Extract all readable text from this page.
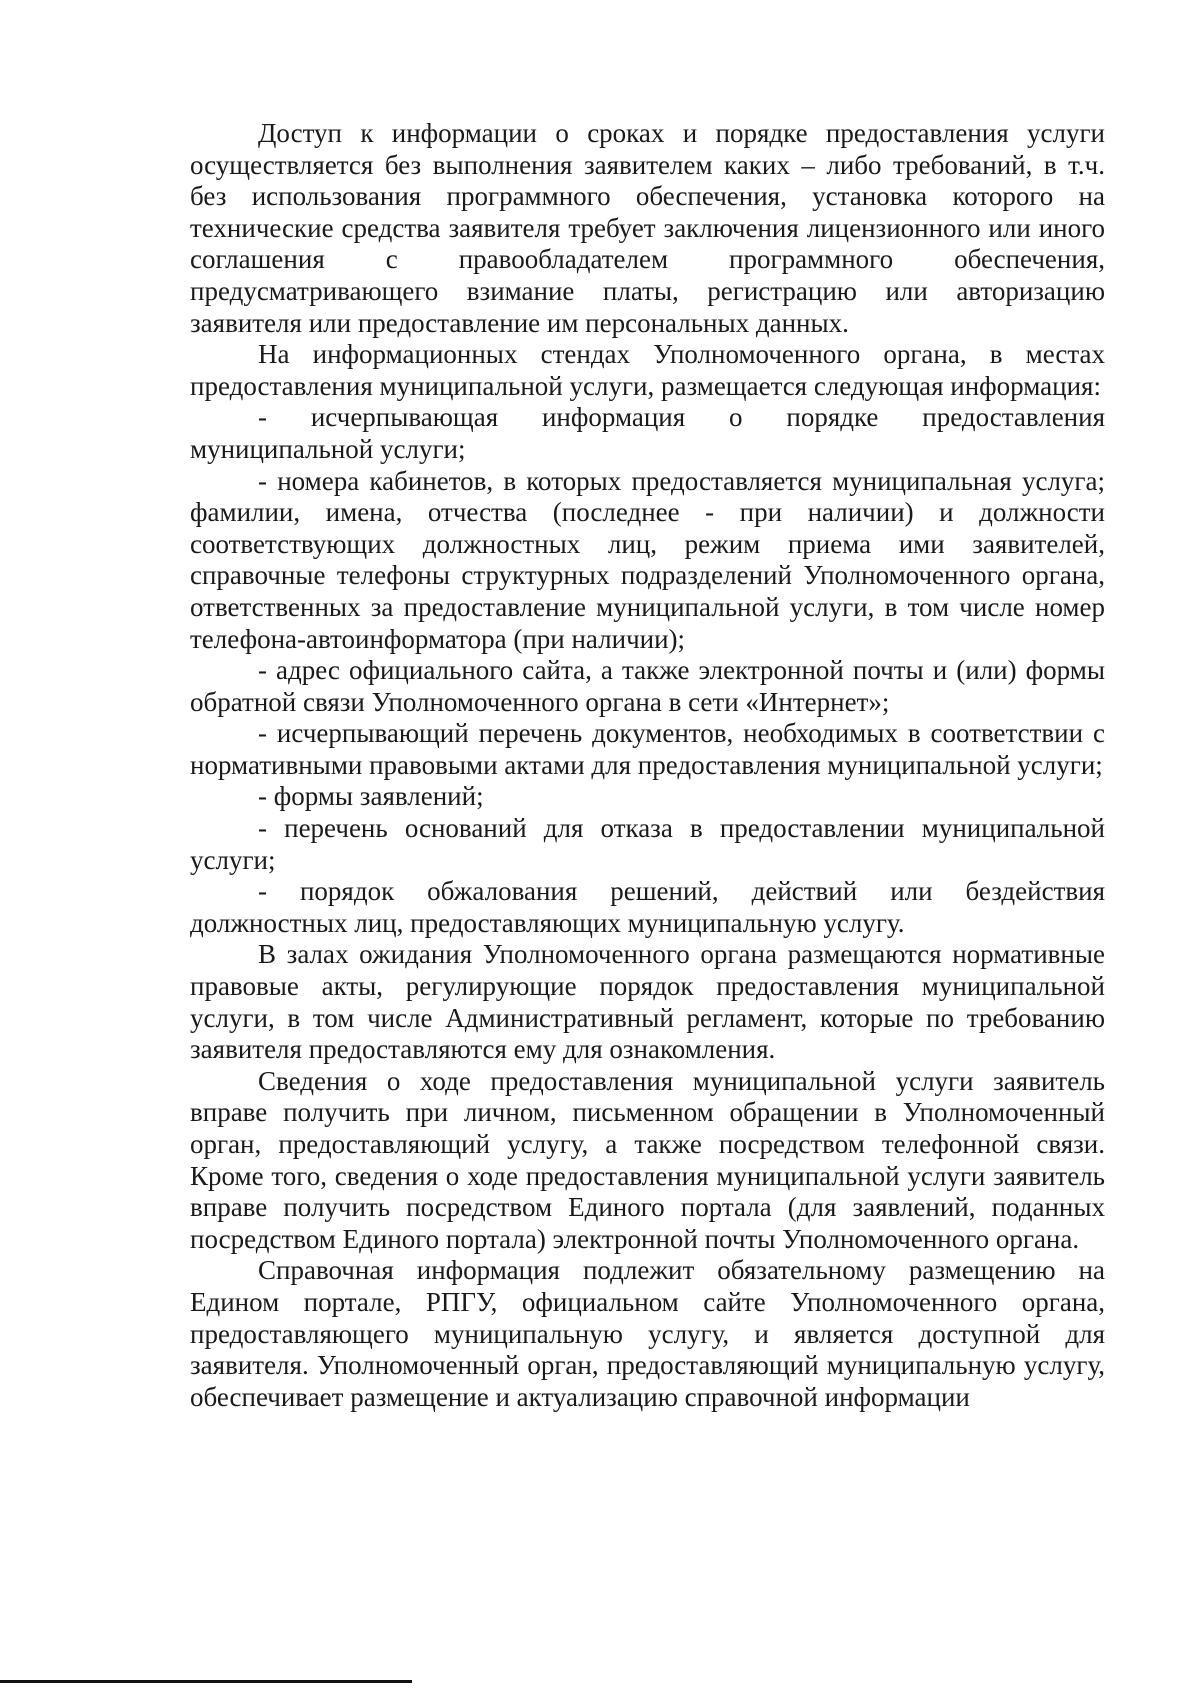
Доступ к информации о сроках и порядке предоставления услуги осуществляется без выполнения заявителем каких – либо требований, в т.ч. без использования программного обеспечения, установка которого на технические средства заявителя требует заключения лицензионного или иного соглашения с правообладателем программного обеспечения, предусматривающего взимание платы, регистрацию или авторизацию заявителя или предоставление им персональных данных.

На информационных стендах Уполномоченного органа, в местах предоставления муниципальной услуги, размещается следующая информация:

- исчерпывающая информация о порядке предоставления муниципальной услуги;

- номера кабинетов, в которых предоставляется муниципальная услуга; фамилии, имена, отчества (последнее - при наличии) и должности соответствующих должностных лиц, режим приема ими заявителей, справочные телефоны структурных подразделений Уполномоченного органа, ответственных за предоставление муниципальной услуги, в том числе номер телефона-автоинформатора (при наличии);

- адрес официального сайта, а также электронной почты и (или) формы обратной связи Уполномоченного органа в сети «Интернет»;

- исчерпывающий перечень документов, необходимых в соответствии с нормативными правовыми актами для предоставления муниципальной услуги;

- формы заявлений;

- перечень оснований для отказа в предоставлении муниципальной услуги;

- порядок обжалования решений, действий или бездействия должностных лиц, предоставляющих муниципальную услугу.

В залах ожидания Уполномоченного органа размещаются нормативные правовые акты, регулирующие порядок предоставления муниципальной услуги, в том числе Административный регламент, которые по требованию заявителя предоставляются ему для ознакомления.

Сведения о ходе предоставления муниципальной услуги заявитель вправе получить при личном, письменном обращении в Уполномоченный орган, предоставляющий услугу, а также посредством телефонной связи. Кроме того, сведения о ходе предоставления муниципальной услуги заявитель вправе получить посредством Единого портала (для заявлений, поданных посредством Единого портала) электронной почты Уполномоченного органа.

Справочная информация подлежит обязательному размещению на Едином портале, РПГУ, официальном сайте Уполномоченного органа, предоставляющего муниципальную услугу, и является доступной для заявителя. Уполномоченный орган, предоставляющий муниципальную услугу, обеспечивает размещение и актуализацию справочной информации
